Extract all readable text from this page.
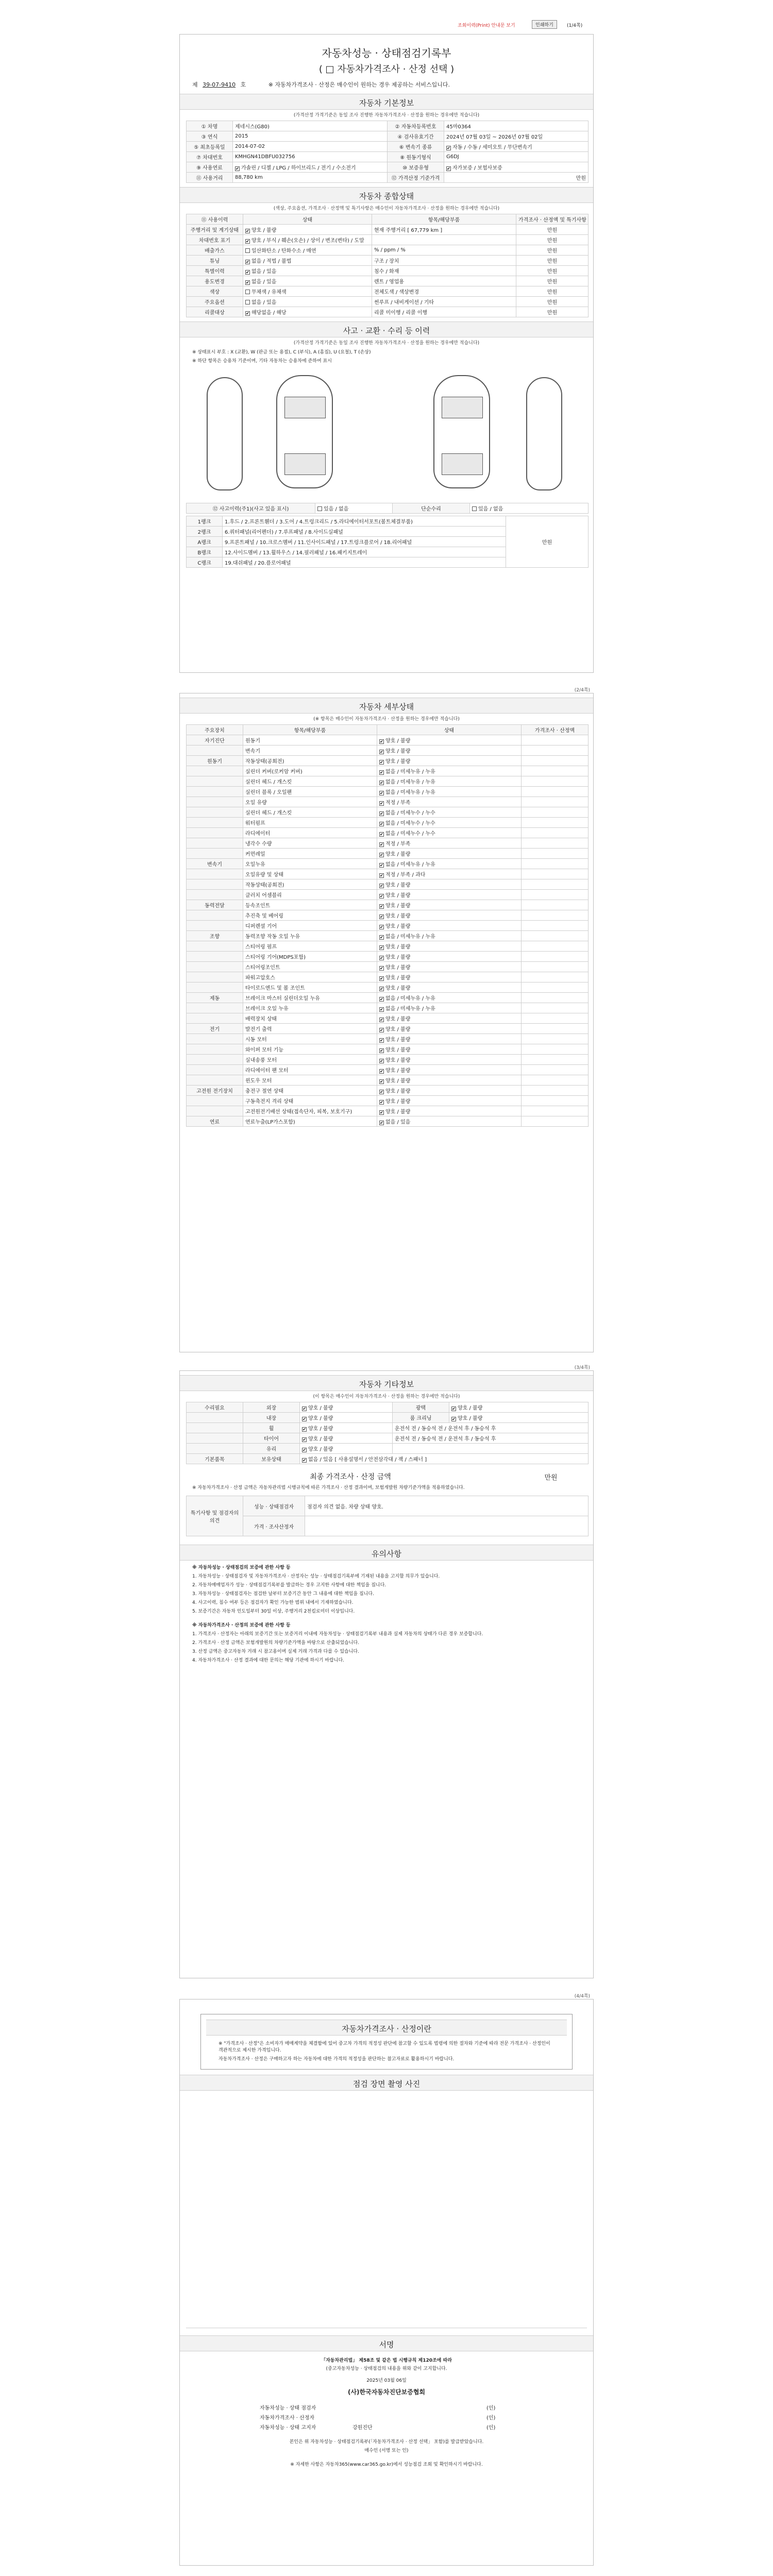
조회이력(Print) 안내문 보기	인쇄하기	(1/4쪽)
자동차성능 · 상태점검기록부
( □ 자동차가격조사 · 산정 선택 )
제 39-07-9410 호	※ 자동차가격조사 · 산정은 매수인이 원하는 경우 제공하는 서비스입니다.
자동차 기본정보
(가격산정 가격기준은 동일 조사 진행한 자동차가격조사 · 산정을 원하는 경우에만 적습니다)
① 차명	제네시스(G80)	② 자동차등록번호	45마0364
③ 연식	2015	④ 검사유효기간	2024년 07월 03일 ~ 2026년 07월 02일
⑤ 최초등록일	2014-07-02	⑥ 변속기 종류	✔자동 / 수동 / 세미오토 / 무단변속기
⑦ 차대번호	KMHGN41DBFU032756	⑧ 원동기형식	G6DJ
⑨ 사용연료	✔가솔린 / 디젤 / LPG / 하이브리드 / 전기 / 수소전기	⑩ 보증유형	✔자가보증 / 보험사보증
⑪ 사용거리	88,780 km	⑫ 가격산정 기준가격	만원
자동차 종합상태
(색상, 주요옵션, 가격조사 · 산정액 및 특기사항은 매수인이 자동차가격조사 · 산정을 원하는 경우에만 적습니다)
⑪ 사용이력	상태	항목/해당부품	가격조사 · 산정액 및 특기사항
주행거리 및 계기상태	✔양호 / 불량	현재 주행거리 [ 67,779 km ]	만원
차대번호 표기	✔양호 / 부식 / 훼손(오손) / 상이 / 변조(변타) / 도말		만원
배출가스	일산화탄소 / 탄화수소 / 매연	% / ppm / %	만원
튜닝	✔없음 / 적법 / 불법	구조 / 장치	만원
특별이력	✔없음 / 있음	침수 / 화재	만원
용도변경	✔없음 / 있음	렌트 / 영업용	만원
색상	무채색 / 유채색	전체도색 / 색상변경	만원
주요옵션	없음 / 있음	썬루프 / 내비게이션 / 기타	만원
리콜대상	✔해당없음 / 해당	리콜 미이행 / 리콜 이행	만원
사고 · 교환 · 수리 등 이력
(가격산정 가격기준은 동일 조사 진행한 자동차가격조사 · 산정을 원하는 경우에만 적습니다)
※ 상태표시 부호 : X (교환), W (판금 또는 용접), C (부식), A (흠집), U (요철), T (손상)
※ 하단 항목은 승용차 기준이며, 기타 자동차는 승용차에 준하여 표시
⑫ 사고이력(주1)(사고 있음 표시)	있음 / 없음	단순수리	있음 / 없음
1랭크	1.후드 / 2.프론트휀더 / 3.도어 / 4.트렁크리드 / 5.라디에이터서포트(볼트체결부품)	만원
2랭크	6.쿼터패널(리어펜더) / 7.루프패널 / 8.사이드실패널	
A랭크	9.프론트패널 / 10.크로스멤버 / 11.인사이드패널 / 17.트렁크플로어 / 18.리어패널	
B랭크	12.사이드멤버 / 13.휠하우스 / 14.필러패널 / 16.패키지트레이	
C랭크	19.대쉬패널 / 20.플로어패널	
(2/4쪽)
자동차 세부상태
(※ 항목은 매수인이 자동차가격조사 · 산정을 원하는 경우에만 적습니다)
주요장치	항목/해당부품	상태	가격조사 · 산정액
자기진단	원동기	✔양호 / 불량	
	변속기	✔양호 / 불량	
원동기	작동상태(공회전)	✔양호 / 불량	
	실린더 커버(로커암 커버)	✔없음 / 미세누유 / 누유	
	실린더 헤드 / 개스킷	✔없음 / 미세누유 / 누유	
	실린더 블록 / 오일팬	✔없음 / 미세누유 / 누유	
	오일 유량	✔적정 / 부족	
	실린더 헤드 / 개스킷	✔없음 / 미세누수 / 누수	
	워터펌프	✔없음 / 미세누수 / 누수	
	라디에이터	✔없음 / 미세누수 / 누수	
	냉각수 수량	✔적정 / 부족	
	커먼레일	✔양호 / 불량	
변속기	오일누유	✔없음 / 미세누유 / 누유	
	오일유량 및 상태	✔적정 / 부족 / 과다	
	작동상태(공회전)	✔양호 / 불량	
	클러치 어셈블리	✔양호 / 불량	
동력전달	등속조인트	✔양호 / 불량	
	추진축 및 베어링	✔양호 / 불량	
	디퍼렌셜 기어	✔양호 / 불량	
조향	동력조향 작동 오일 누유	✔없음 / 미세누유 / 누유	
	스티어링 펌프	✔양호 / 불량	
	스티어링 기어(MDPS포함)	✔양호 / 불량	
	스티어링조인트	✔양호 / 불량	
	파워고압호스	✔양호 / 불량	
	타이로드엔드 및 볼 조인트	✔양호 / 불량	
제동	브레이크 마스터 실린더오일 누유	✔없음 / 미세누유 / 누유	
	브레이크 오일 누유	✔없음 / 미세누유 / 누유	
	배력장치 상태	✔양호 / 불량	
전기	발전기 출력	✔양호 / 불량	
	시동 모터	✔양호 / 불량	
	와이퍼 모터 기능	✔양호 / 불량	
	실내송풍 모터	✔양호 / 불량	
	라디에이터 팬 모터	✔양호 / 불량	
	윈도우 모터	✔양호 / 불량	
고전원 전기장치	충전구 절연 상태	✔양호 / 불량	
	구동축전지 격리 상태	✔양호 / 불량	
	고전원전기배선 상태(접속단자, 피복, 보호기구)	✔양호 / 불량	
연료	연료누출(LP가스포함)	✔없음 / 있음	
(3/4쪽)
자동차 기타정보
(이 항목은 매수인이 자동차가격조사 · 산정을 원하는 경우에만 적습니다)
수리필요	외장	✔양호 / 불량	광택	✔양호 / 불량
	내장	✔양호 / 불량	룸 크리닝	✔양호 / 불량
	휠	✔양호 / 불량	운전석 전 / 동승석 전 / 운전석 후 / 동승석 후	
	타이어	✔양호 / 불량	운전석 전 / 동승석 전 / 운전석 후 / 동승석 후	
	유리	✔양호 / 불량	
기본품목	보유상태	✔없음 / 있음 [ 사용설명서 / 안전삼각대 / 잭 / 스패너 ]
최종 가격조사 · 산정 금액	만원
※ 자동차가격조사 · 산정 금액은 자동차관리법 시행규칙에 따른 가격조사 · 산정 결과이며, 보험개발원 차량기준가액을 적용하였습니다.
특기사항 및 점검자의 의견	성능 · 상태점검자	점검자 의견 없음. 차량 상태 양호.
	가격 · 조사산정자	
유의사항
※ 자동차성능 · 상태점검의 보증에 관한 사항 등
1. 자동차성능 · 상태점검자 및 자동차가격조사 · 산정자는 성능 · 상태점검기록부에 기재된 내용을 고지할 의무가 있습니다.
2. 자동차매매업자가 성능 · 상태점검기록부를 발급하는 경우 고지한 사항에 대한 책임을 집니다.
3. 자동차성능 · 상태점검자는 점검한 날부터 보증기간 동안 그 내용에 대한 책임을 집니다.
4. 사고이력, 침수 여부 등은 점검자가 확인 가능한 범위 내에서 기재하였습니다.
5. 보증기간은 자동차 인도일부터 30일 이상, 주행거리 2천킬로미터 이상입니다.
※ 자동차가격조사 · 산정의 보증에 관한 사항 등
1. 가격조사 · 산정자는 아래의 보증기간 또는 보증거리 이내에 자동차성능 · 상태점검기록부 내용과 실제 자동차의 상태가 다른 경우 보증합니다.
2. 가격조사 · 산정 금액은 보험개발원의 차량기준가액을 바탕으로 산출되었습니다.
3. 산정 금액은 중고자동차 거래 시 참고용이며 실제 거래 가격과 다를 수 있습니다.
4. 자동차가격조사 · 산정 결과에 대한 문의는 해당 기관에 하시기 바랍니다.
(4/4쪽)
자동차가격조사 · 산정이란
※ "가격조사 · 산정"은 소비자가 매매계약을 체결함에 있어 중고차 가격의 적정성 판단에 참고할 수 있도록 법령에 의한 절차와 기준에 따라 전문 가격조사 · 산정인이 객관적으로 제시한 가격입니다.
자동차가격조사 · 산정은 구매하고자 하는 자동차에 대한 가격의 적정성을 판단하는 참고자료로 활용하시기 바랍니다.
점검 장면 촬영 사진
서명
「자동차관리법」 제58조 및 같은 법 시행규칙 제120조에 따라
(중고자동차성능 · 상태점검의 내용을 위와 같이 고지합니다.
2025년 03월 06일
(사)한국자동차진단보증협회
자동차성능 · 상태 점검자		(인)
자동차가격조사 · 산정자		(인)
자동차성능 · 상태 고지자	강원진단	(인)
본인은 위 자동차성능 · 상태점검기록부(「자동차가격조사 · 산정 선택」 포함)를 발급받았습니다.
매수인 (서명 또는 인)
※ 자세한 사항은 자동차365(www.car365.go.kr)에서 성능점검 조회 및 확인하시기 바랍니다.
